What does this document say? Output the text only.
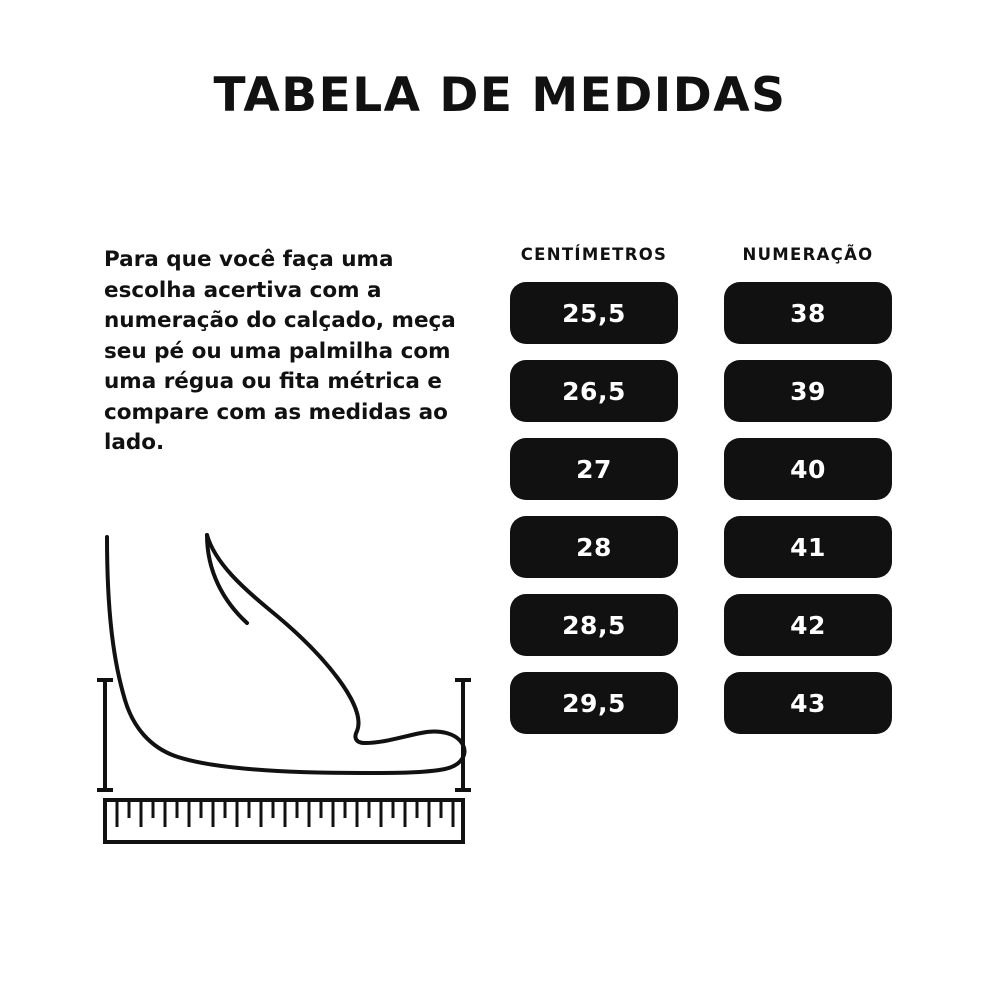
TABELA DE MEDIDAS
Para que você faça uma escolha acertiva com a numeração do calçado, meça seu pé ou uma palmilha com uma régua ou fita métrica e compare com as medidas ao lado.
CENTÍMETROS	NUMERAÇÃO
25,5	38
26,5	39
27	40
28	41
28,5	42
29,5	43
